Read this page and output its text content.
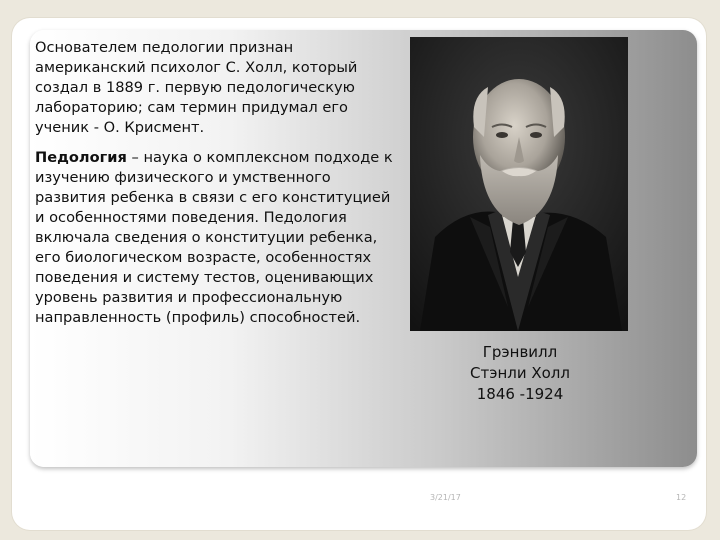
Основателем педологии признан американский психолог С. Холл, который создал в 1889 г. первую педологическую лабораторию; сам термин придумал его ученик - О. Крисмент.

Педология – наука о комплексном подходе к изучению физического и умственного развития ребенка в связи с его конституцией и особенностями поведения. Педология включала сведения о конституции ребенка, его биологическом возрасте, особенностях поведения и систему тестов, оценивающих уровень развития и профессиональную направленность (профиль) способностей.

Грэнвилл
Стэнли Холл
1846 -1924
3/21/17	12
